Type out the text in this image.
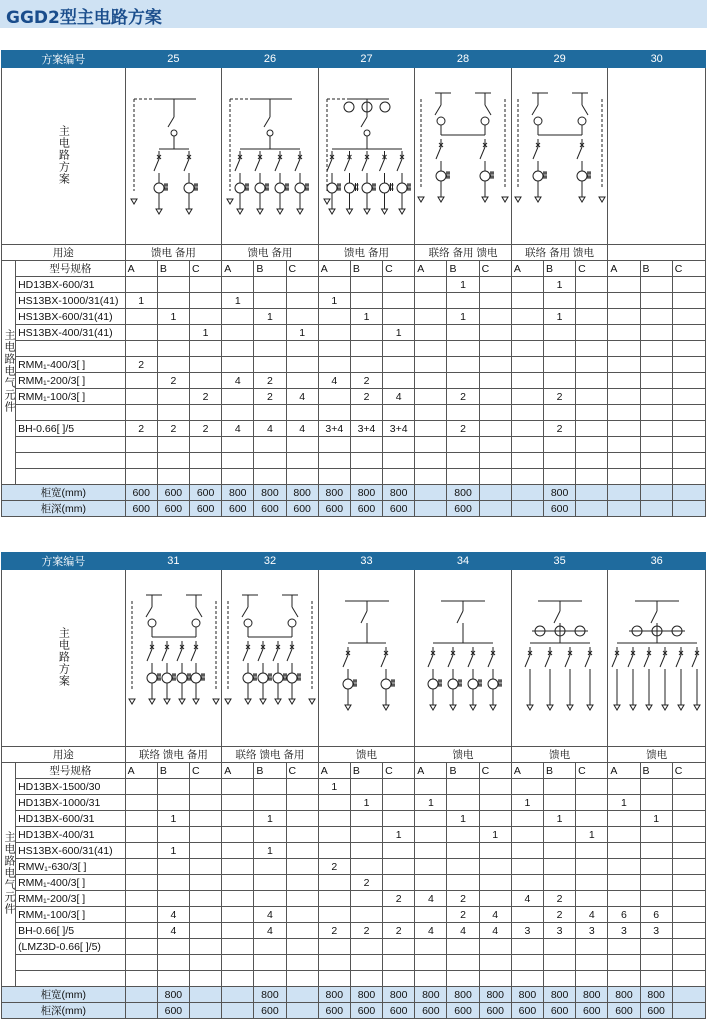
GGD2型主电路方案
方案编号		25			26			27			28			29			30		
主电路方案	

用途		馈电 备用			馈电 备用			馈电 备用			联络 备用 馈电			联络 备用 馈电					
主电路电气元件	型号规格	A	B	C	A	B	C	A	B	C	A	B	C	A	B	C	A	B	C
	HD13BX-600/31											1			1				
	HS13BX-1000/31(41)	1			1			1											
	HS13BX-600/31(41)		1			1			1			1			1				
	HS13BX-400/31(41)			1			1			1									

	RMM₁-400/3[ ]	2																	
	RMM₁-200/3[ ]		2		4	2		4	2										
	RMM₁-100/3[ ]			2		2	4		2	4		2			2				

	BH-0.66[ ]/5	2	2	2	4	4	4	3+4	3+4	3+4		2			2				

柜宽(mm)		600	600	600	800	800	800	800	800	800		800			800				
柜深(mm)		600	600	600	600	600	600	600	600	600		600			600				
方案编号		31			32			33			34			35			36		
主电路方案	

用途		联络 馈电 备用			联络 馈电 备用			馈电			馈电			馈电			馈电		
主电路电气元件	型号规格	A	B	C	A	B	C	A	B	C	A	B	C	A	B	C	A	B	C
	HD13BX-1500/30							1											
	HD13BX-1000/31								1		1			1			1		
	HD13BX-600/31		1			1						1			1			1	
	HD13BX-400/31									1			1			1			
	HS13BX-600/31(41)		1			1													
	RMW₁-630/3[ ]							2											
	RMM₁-400/3[ ]								2										
	RMM₁-200/3[ ]									2	4	2		4	2				
	RMM₁-100/3[ ]		4			4						2	4		2	4	6	6	
	BH-0.66[ ]/5		4			4		2	2	2	4	4	4	3	3	3	3	3	
	(LMZ3D-0.66[ ]/5)																		

柜宽(mm)			800			800		800	800	800	800	800	800	800	800	800	800	800	
柜深(mm)			600			600		600	600	600	600	600	600	600	600	600	600	600	
